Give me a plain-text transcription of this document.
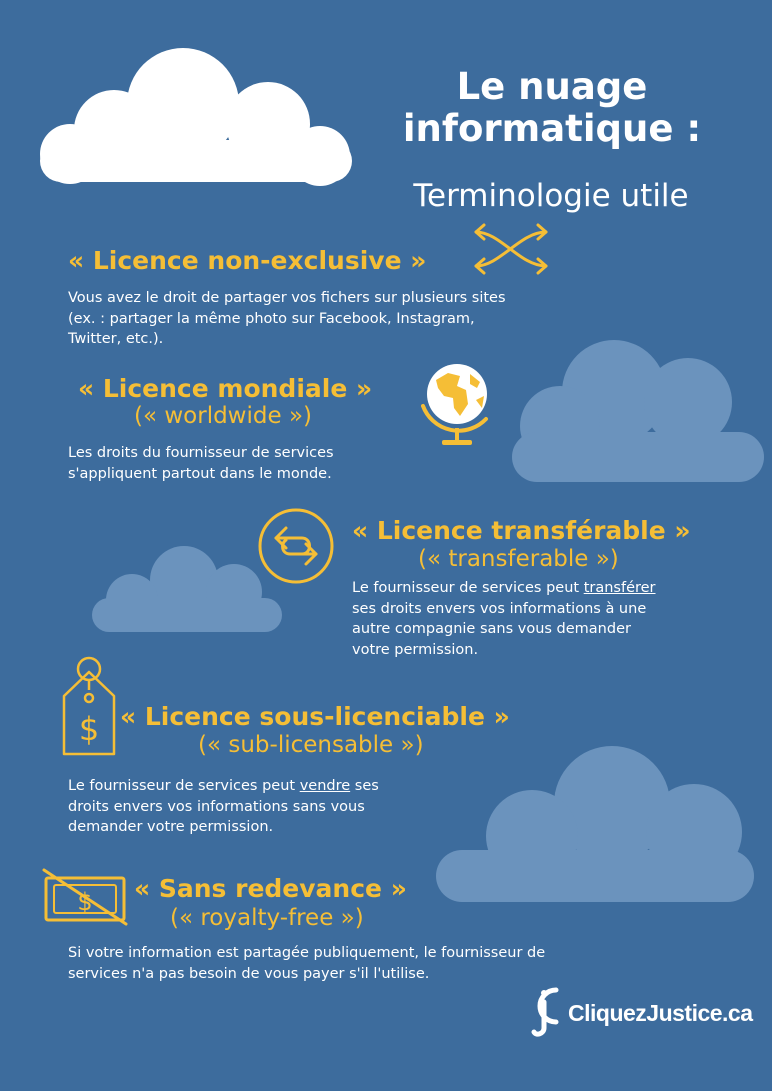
Le nuage
informatique :
Terminologie utile
« Licence non-exclusive »
Vous avez le droit de partager vos fichers sur plusieurs sites
(ex. : partager la même photo sur Facebook, Instagram,
Twitter, etc.).
« Licence mondiale »
(« worldwide »)
Les droits du fournisseur de services
s'appliquent partout dans le monde.
« Licence transférable »
(« transferable »)
Le fournisseur de services peut transférer
ses droits envers vos informations à une
autre compagnie sans vous demander
votre permission.
$ « Licence sous-licenciable »
(« sub-licensable »)
Le fournisseur de services peut vendre ses
droits envers vos informations sans vous
demander votre permission.
$ « Sans redevance »
(« royalty-free »)
Si votre information est partagée publiquement, le fournisseur de
services n'a pas besoin de vous payer s'il l'utilise.
CliquezJustice.ca
